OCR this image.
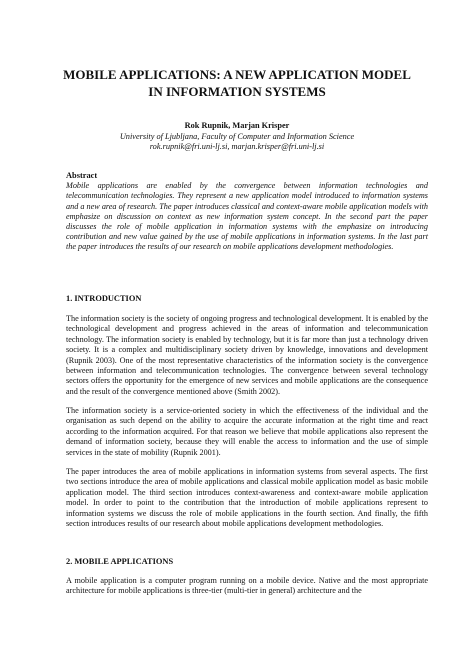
MOBILE APPLICATIONS: A NEW APPLICATION MODEL
IN INFORMATION SYSTEMS
Rok Rupnik, Marjan Krisper
University of Ljubljana, Faculty of Computer and Information Science
rok.rupnik@fri.uni-lj.si, marjan.krisper@fri.uni-lj.si
Abstract

Mobile applications are enabled by the convergence between information technologies and telecommunication technologies. They represent a new application model introduced to information systems and a new area of research. The paper introduces classical and context-aware mobile application models with emphasize on discussion on context as new information system concept. In the second part the paper discusses the role of mobile application in information systems with the emphasize on introducing contribution and new value gained by the use of mobile applications in information systems. In the last part the paper introduces the results of our research on mobile applications development methodologies.

1. INTRODUCTION

The information society is the society of ongoing progress and technological development. It is enabled by the technological development and progress achieved in the areas of information and telecommunication technology. The information society is enabled by technology, but it is far more than just a technology driven society. It is a complex and multidisciplinary society driven by knowledge, innovations and development (Rupnik 2003). One of the most representative characteristics of the information society is the convergence between information and telecommunication technologies. The convergence between several technology sectors offers the opportunity for the emergence of new services and mobile applications are the consequence and the result of the convergence mentioned above (Smith 2002).

The information society is a service-oriented society in which the effectiveness of the individual and the organisation as such depend on the ability to acquire the accurate information at the right time and react according to the information acquired. For that reason we believe that mobile applications also represent the demand of information society, because they will enable the access to information and the use of simple services in the state of mobility (Rupnik 2001).

The paper introduces the area of mobile applications in information systems from several aspects. The first two sections introduce the area of mobile applications and classical mobile application model as basic mobile application model. The third section introduces context-awareness and context-aware mobile application model. In order to point to the contribution that the introduction of mobile applications represent to information systems we discuss the role of mobile applications in the fourth section. And finally, the fifth section introduces results of our research about mobile applications development methodologies.

2. MOBILE APPLICATIONS

A mobile application is a computer program running on a mobile device. Native and the most appropriate architecture for mobile applications is three-tier (multi-tier in general) architecture and the
